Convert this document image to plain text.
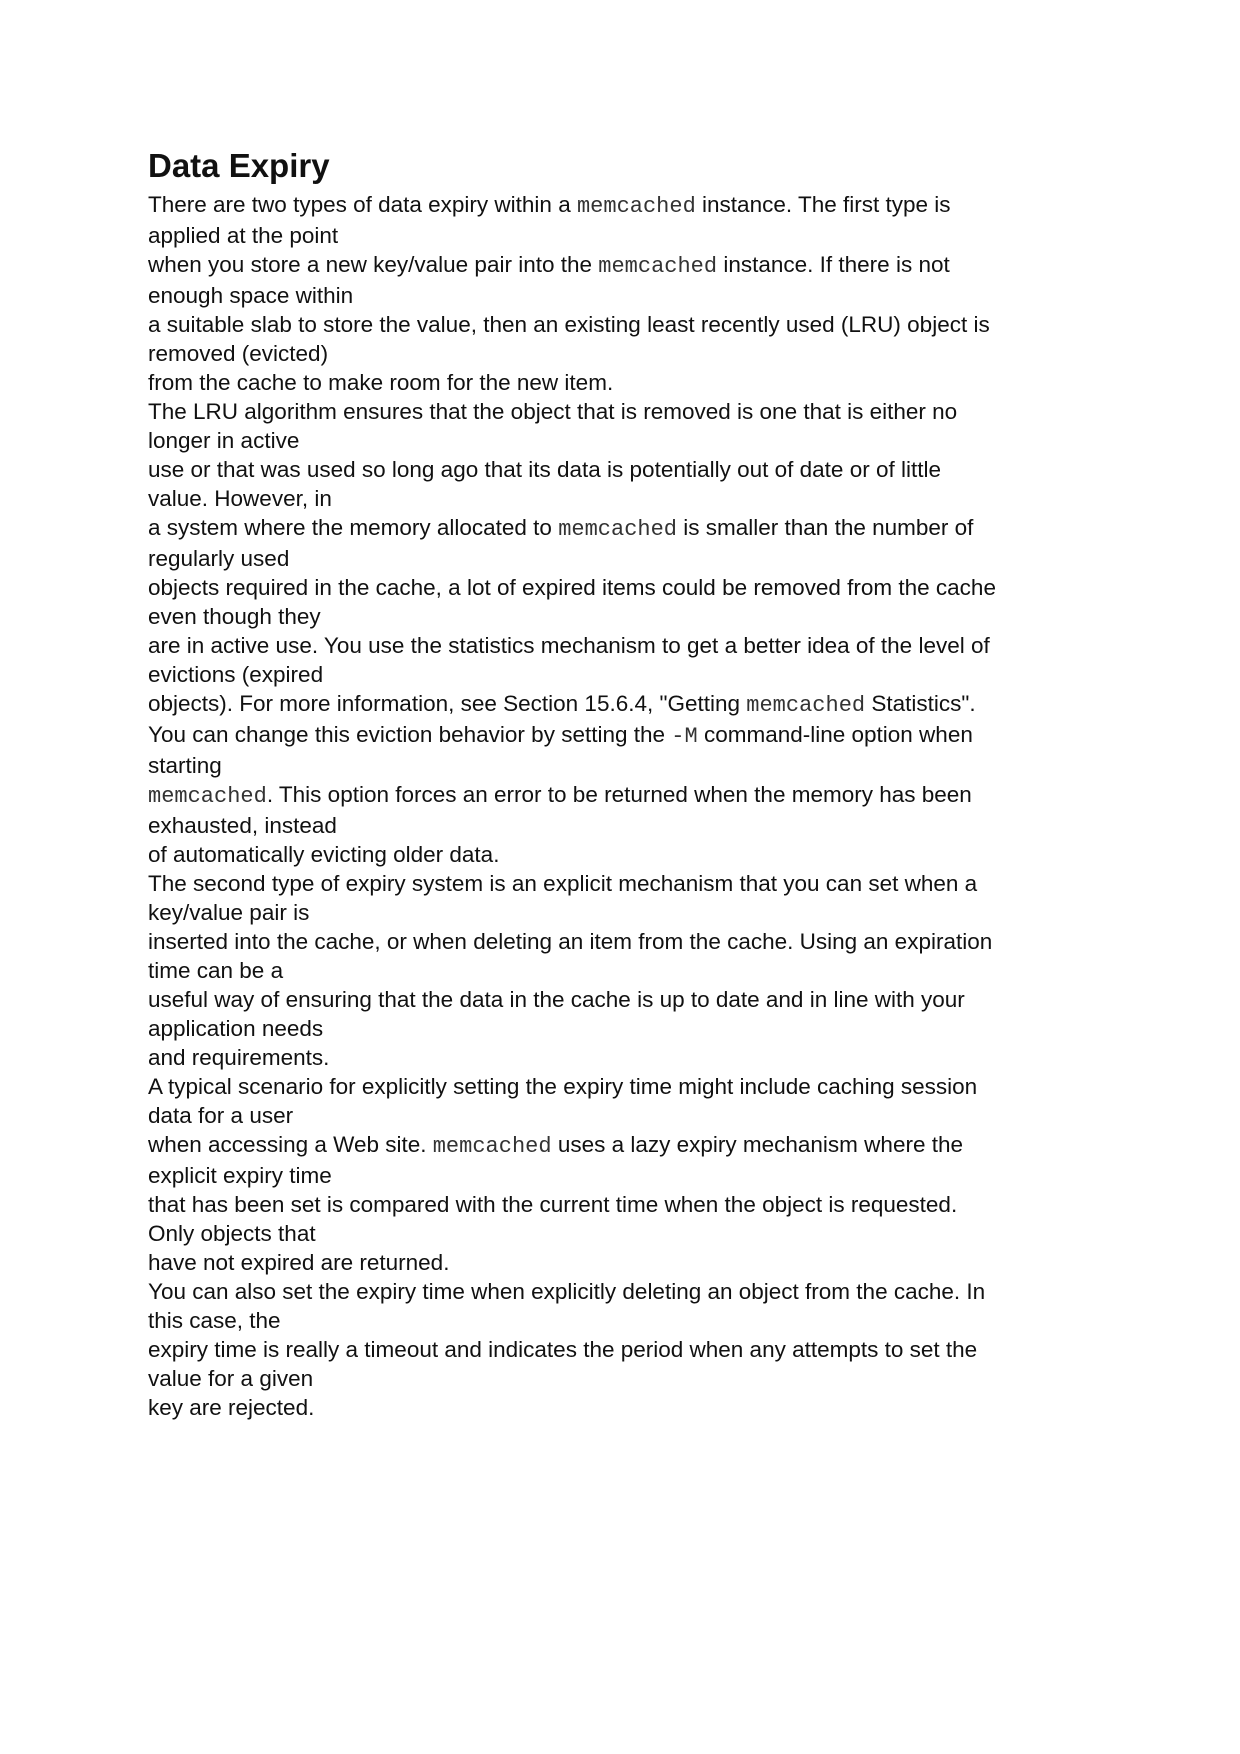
Data Expiry
There are two types of data expiry within a memcached instance. The first type is
applied at the point
when you store a new key/value pair into the memcached instance. If there is not
enough space within
a suitable slab to store the value, then an existing least recently used (LRU) object is
removed (evicted)
from the cache to make room for the new item.
The LRU algorithm ensures that the object that is removed is one that is either no
longer in active
use or that was used so long ago that its data is potentially out of date or of little
value. However, in
a system where the memory allocated to memcached is smaller than the number of
regularly used
objects required in the cache, a lot of expired items could be removed from the cache
even though they
are in active use. You use the statistics mechanism to get a better idea of the level of
evictions (expired
objects). For more information, see Section 15.6.4, "Getting memcached Statistics".
You can change this eviction behavior by setting the -M command-line option when
starting
memcached. This option forces an error to be returned when the memory has been
exhausted, instead
of automatically evicting older data.
The second type of expiry system is an explicit mechanism that you can set when a
key/value pair is
inserted into the cache, or when deleting an item from the cache. Using an expiration
time can be a
useful way of ensuring that the data in the cache is up to date and in line with your
application needs
and requirements.
A typical scenario for explicitly setting the expiry time might include caching session
data for a user
when accessing a Web site. memcached uses a lazy expiry mechanism where the
explicit expiry time
that has been set is compared with the current time when the object is requested.
Only objects that
have not expired are returned.
You can also set the expiry time when explicitly deleting an object from the cache. In
this case, the
expiry time is really a timeout and indicates the period when any attempts to set the
value for a given
key are rejected.
